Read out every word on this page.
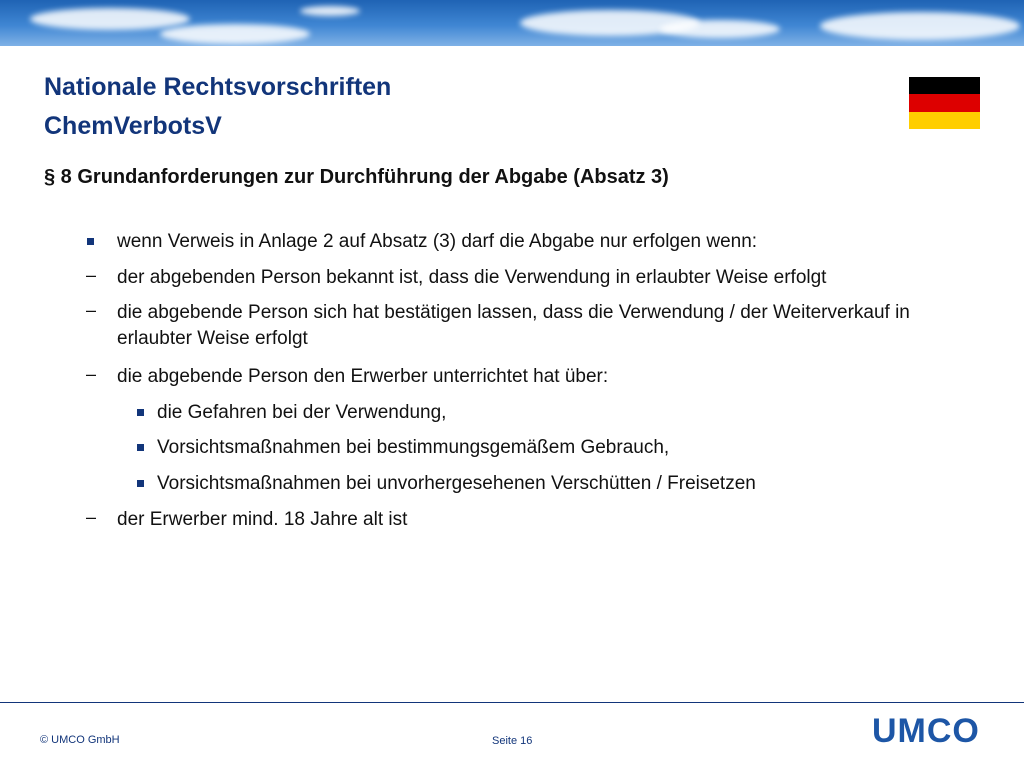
Nationale Rechtsvorschriften
ChemVerbotsV
§ 8 Grundanforderungen zur Durchführung der Abgabe (Absatz 3)
wenn Verweis in Anlage 2 auf Absatz (3) darf die Abgabe nur erfolgen wenn:
– der abgebenden Person bekannt ist, dass die Verwendung in erlaubter Weise erfolgt
– die abgebende Person sich hat bestätigen lassen, dass die Verwendung / der Weiterverkauf in erlaubter Weise erfolgt
– die abgebende Person den Erwerber unterrichtet hat über:
die Gefahren bei der Verwendung,
Vorsichtsmaßnahmen bei bestimmungsgemäßem Gebrauch,
Vorsichtsmaßnahmen bei unvorhergesehenen Verschütten / Freisetzen
– der Erwerber mind. 18 Jahre alt ist
© UMCO GmbH	Seite 16	UMCO
